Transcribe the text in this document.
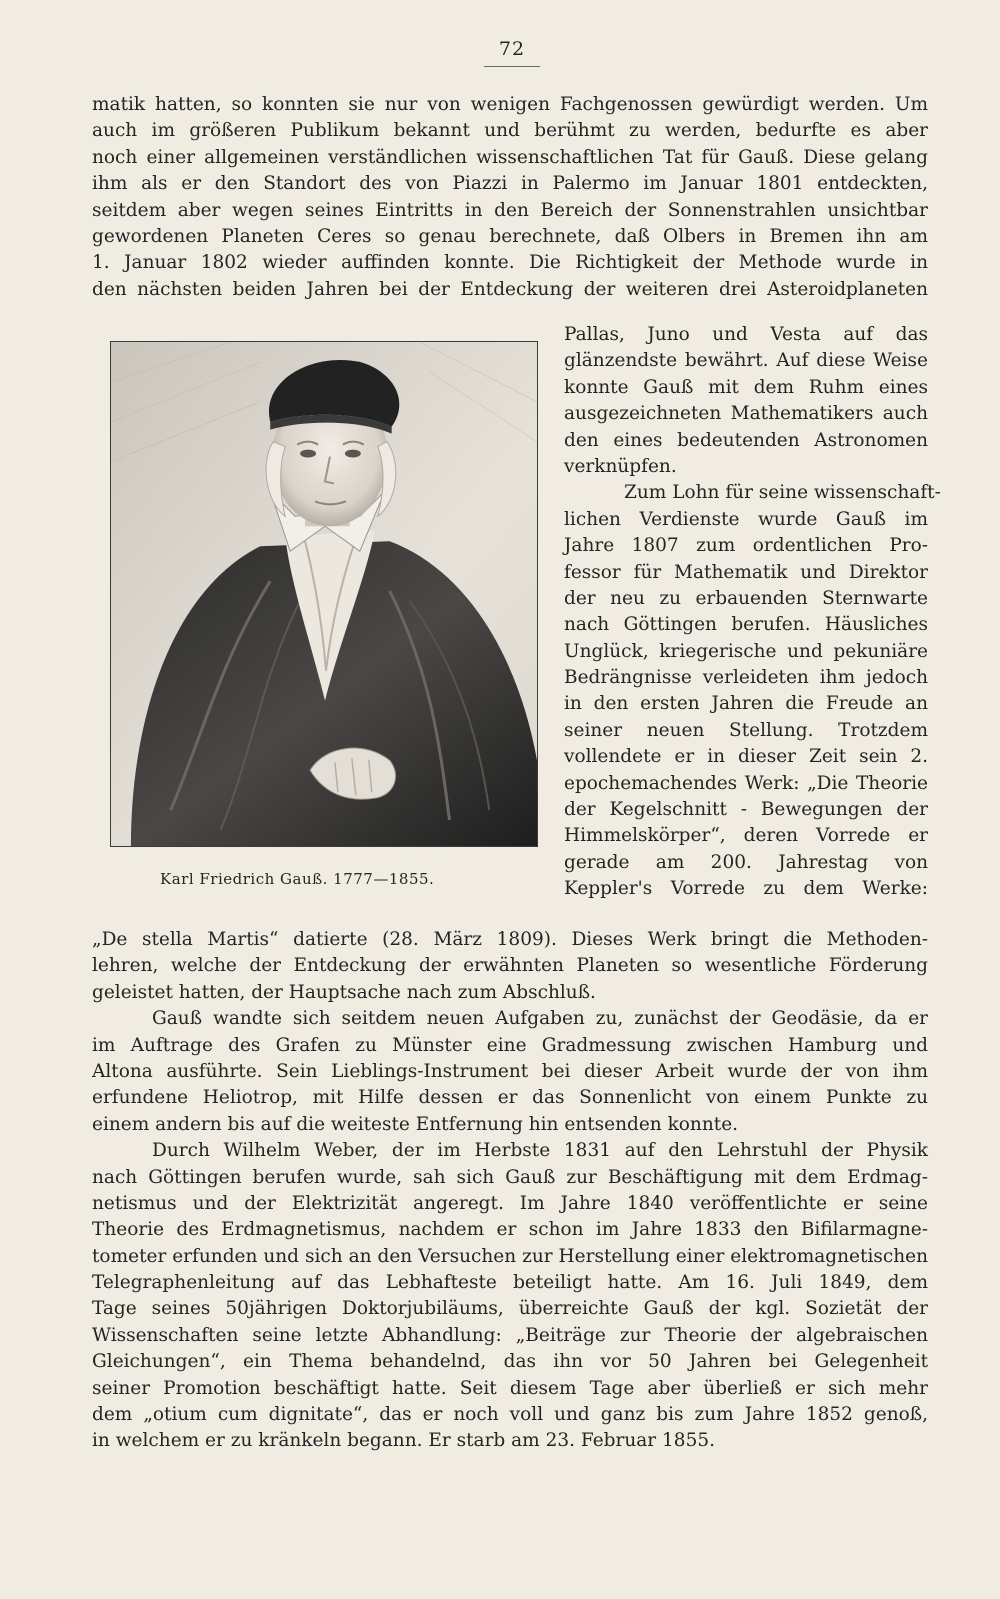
72
matik hatten, so konnten sie nur von wenigen Fachgenossen gewürdigt werden. Um
auch im größeren Publikum bekannt und berühmt zu werden, bedurfte es aber
noch einer allgemeinen verständlichen wissenschaftlichen Tat für Gauß. Diese gelang
ihm als er den Standort des von Piazzi in Palermo im Januar 1801 entdeckten,
seitdem aber wegen seines Eintritts in den Bereich der Sonnenstrahlen unsichtbar
gewordenen Planeten Ceres so genau berechnete, daß Olbers in Bremen ihn am
1. Januar 1802 wieder auffinden konnte. Die Richtigkeit der Methode wurde in
den nächsten beiden Jahren bei der Entdeckung der weiteren drei Asteroidplaneten
Pallas, Juno und Vesta auf das
glänzendste bewährt. Auf diese Weise
konnte Gauß mit dem Ruhm eines
ausgezeichneten Mathematikers auch
den eines bedeutenden Astronomen
verknüpfen.
Zum Lohn für seine wissenschaft-
lichen Verdienste wurde Gauß im
Jahre 1807 zum ordentlichen Pro-
fessor für Mathematik und Direktor
der neu zu erbauenden Sternwarte
nach Göttingen berufen. Häusliches
Unglück, kriegerische und pekuniäre
Bedrängnisse verleideten ihm jedoch
in den ersten Jahren die Freude an
seiner neuen Stellung. Trotzdem
vollendete er in dieser Zeit sein 2.
epochemachendes Werk: „Die Theorie
der Kegelschnitt - Bewegungen der
Himmelskörper“, deren Vorrede er
gerade am 200. Jahrestag von
Keppler's Vorrede zu dem Werke:
Karl Friedrich Gauß. 1777—1855.
„De stella Martis“ datierte (28. März 1809). Dieses Werk bringt die Methoden-
lehren, welche der Entdeckung der erwähnten Planeten so wesentliche Förderung
geleistet hatten, der Hauptsache nach zum Abschluß.
Gauß wandte sich seitdem neuen Aufgaben zu, zunächst der Geodäsie, da er
im Auftrage des Grafen zu Münster eine Gradmessung zwischen Hamburg und
Altona ausführte. Sein Lieblings-Instrument bei dieser Arbeit wurde der von ihm
erfundene Heliotrop, mit Hilfe dessen er das Sonnenlicht von einem Punkte zu
einem andern bis auf die weiteste Entfernung hin entsenden konnte.
Durch Wilhelm Weber, der im Herbste 1831 auf den Lehrstuhl der Physik
nach Göttingen berufen wurde, sah sich Gauß zur Beschäftigung mit dem Erdmag-
netismus und der Elektrizität angeregt. Im Jahre 1840 veröffentlichte er seine
Theorie des Erdmagnetismus, nachdem er schon im Jahre 1833 den Bifilarmagne-
tometer erfunden und sich an den Versuchen zur Herstellung einer elektromagnetischen
Telegraphenleitung auf das Lebhafteste beteiligt hatte. Am 16. Juli 1849, dem
Tage seines 50jährigen Doktorjubiläums, überreichte Gauß der kgl. Sozietät der
Wissenschaften seine letzte Abhandlung: „Beiträge zur Theorie der algebraischen
Gleichungen“, ein Thema behandelnd, das ihn vor 50 Jahren bei Gelegenheit
seiner Promotion beschäftigt hatte. Seit diesem Tage aber überließ er sich mehr
dem „otium cum dignitate“, das er noch voll und ganz bis zum Jahre 1852 genoß,
in welchem er zu kränkeln begann. Er starb am 23. Februar 1855.
